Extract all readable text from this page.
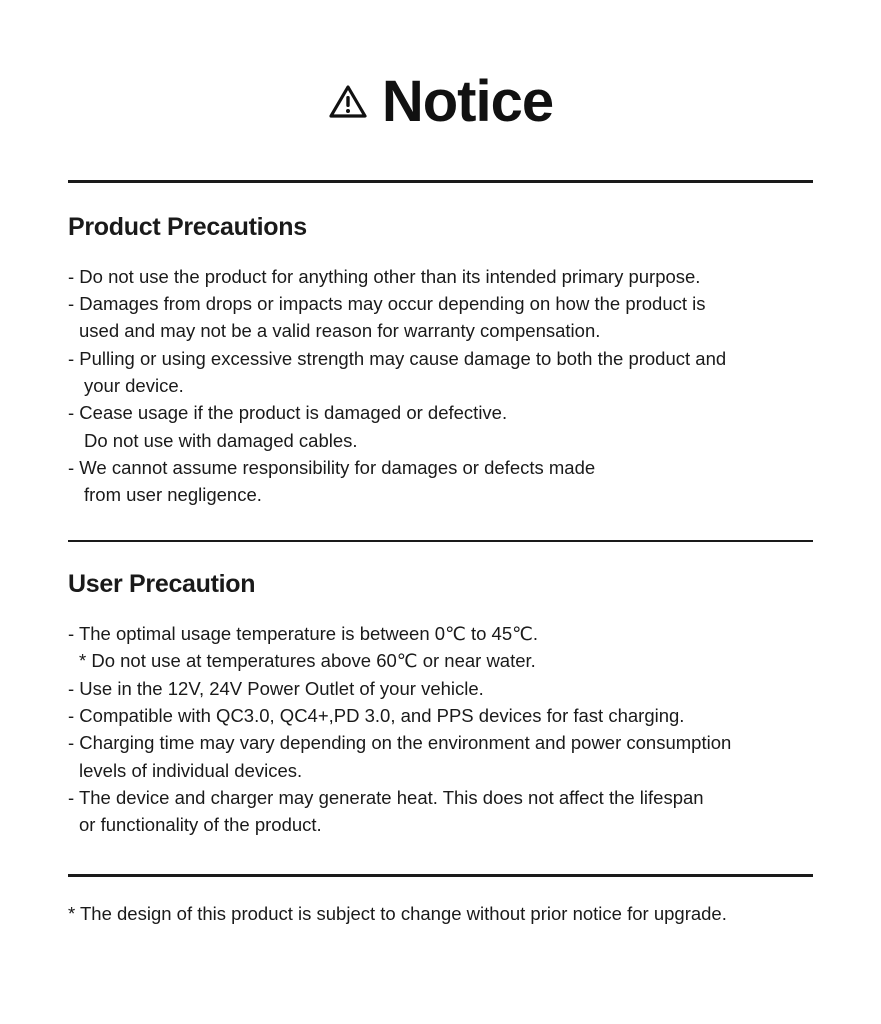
Notice
Product Precautions
- Do not use the product for anything other than its intended primary purpose.
- Damages from drops or impacts may occur depending on how the product is
used and may not be a valid reason for warranty compensation.
- Pulling or using excessive strength may cause damage to both the product and
your device.
- Cease usage if the product is damaged or defective.
Do not use with damaged cables.
- We cannot assume responsibility for damages or defects made
from user negligence.
User Precaution
- The optimal usage temperature is between 0℃ to 45℃.
* Do not use at temperatures above 60℃ or near water.
- Use in the 12V, 24V Power Outlet of your vehicle.
- Compatible with QC3.0, QC4+,PD 3.0, and PPS devices for fast charging.
- Charging time may vary depending on the environment and power consumption
levels of individual devices.
- The device and charger may generate heat. This does not affect the lifespan
or functionality of the product.
* The design of this product is subject to change without prior notice for upgrade.
